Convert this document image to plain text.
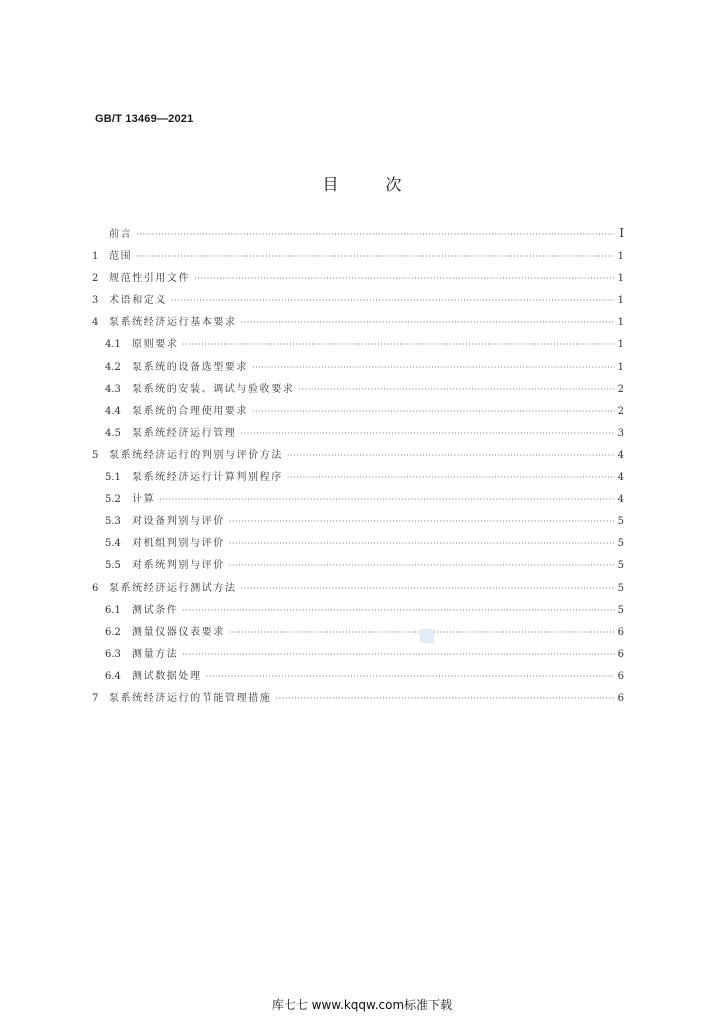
GB/T 13469—2021
目	次
前言 ·····	Ⅰ
1	范围 ·····	1
2	规范性引用文件 ·····	1
3	术语和定义 ·····	1
4	泵系统经济运行基本要求 ·····	1
4.1	原则要求 ·····	1
4.2	泵系统的设备选型要求 ·····	1
4.3	泵系统的安装、调试与验收要求 ·····	2
4.4	泵系统的合理使用要求 ·····	2
4.5	泵系统经济运行管理 ·····	3
5	泵系统经济运行的判别与评价方法 ·····	4
5.1	泵系统经济运行计算判别程序 ·····	4
5.2	计算 ·····	4
5.3	对设备判别与评价 ·····	5
5.4	对机组判别与评价 ·····	5
5.5	对系统判别与评价 ·····	5
6	泵系统经济运行测试方法 ·····	5
6.1	测试条件 ·····	5
6.2	测量仪器仪表要求 ·····	6
6.3	测量方法 ·····	6
6.4	测试数据处理 ·····	6
7	泵系统经济运行的节能管理措施 ·····	6
库七七 www.kqqw.com标准下载
